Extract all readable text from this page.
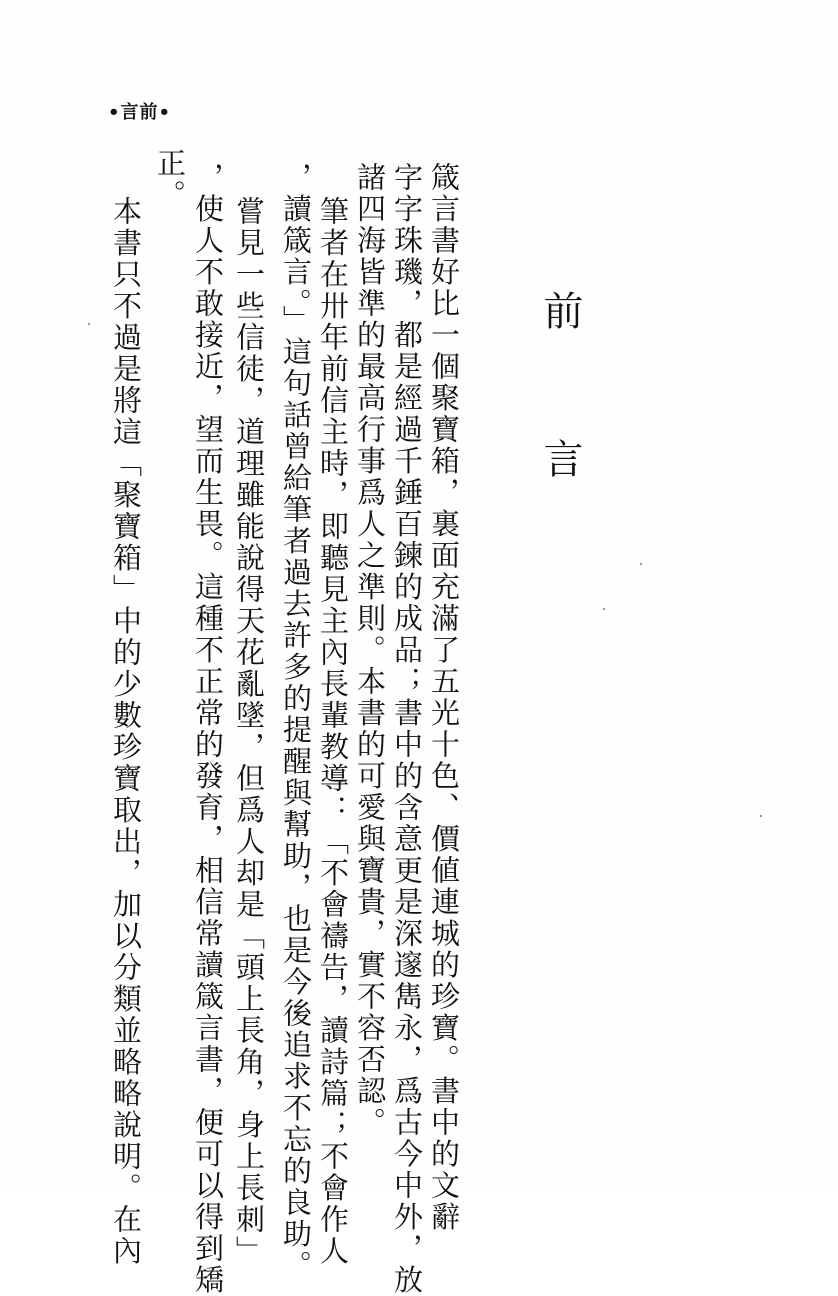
•言前•
前　言
箴言書好比一個聚寶箱，裏面充滿了五光十色、價値連城的珍寶。書中的文辭
字字珠璣，都是經過千錘百鍊的成品；書中的含意更是深邃雋永，爲古今中外，放
諸四海皆準的最高行事爲人之準則。本書的可愛與寶貴，實不容否認。
筆者在卅年前信主時，即聽見主內長輩教導：「不會禱告，讀詩篇；不會作人
，讀箴言。」這句話曾給筆者過去許多的提醒與幫助，也是今後追求不忘的良助。
嘗見一些信徒，道理雖能說得天花亂墜，但爲人却是「頭上長角，身上長刺」
，使人不敢接近，望而生畏。這種不正常的發育，相信常讀箴言書，便可以得到矯
正。
本書只不過是將這「聚寶箱」中的少數珍寶取出，加以分類並略略說明。在內
